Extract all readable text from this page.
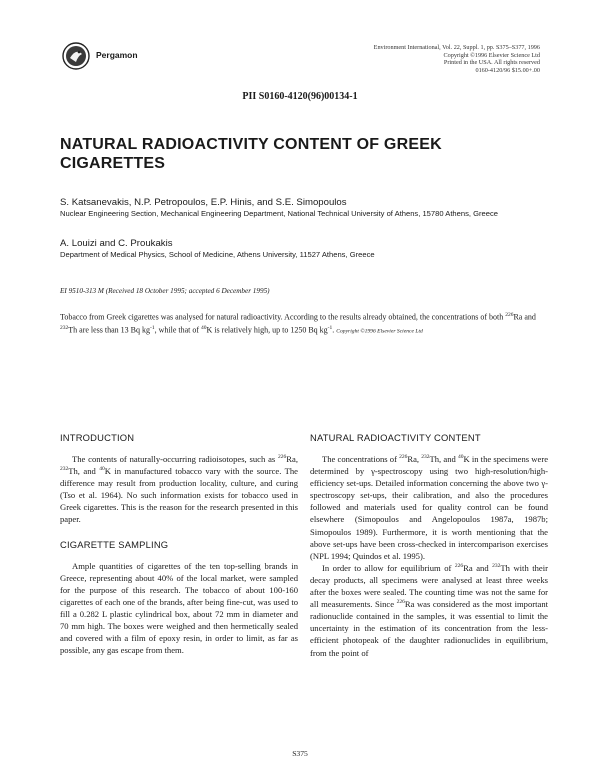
Pergamon
Environment International, Vol. 22, Suppl. 1, pp. S375–S377, 1996
Copyright ©1996 Elsevier Science Ltd
Printed in the USA. All rights reserved
0160-4120/96 $15.00+.00
PII S0160-4120(96)00134-1
NATURAL RADIOACTIVITY CONTENT OF GREEK CIGARETTES
S. Katsanevakis, N.P. Petropoulos, E.P. Hinis, and S.E. Simopoulos
Nuclear Engineering Section, Mechanical Engineering Department, National Technical University of Athens, 15780 Athens, Greece
A. Louizi and C. Proukakis
Department of Medical Physics, School of Medicine, Athens University, 11527 Athens, Greece
EI 9510-313 M (Received 18 October 1995; accepted 6 December 1995)
Tobacco from Greek cigarettes was analysed for natural radioactivity. According to the results already obtained, the concentrations of both $^{226}$Ra and $^{232}$Th are less than 13 Bq $kg^{-1}$, while that of $^{40}$K is relatively high, up to 1250 Bq $kg^{-1}$. Copyright ©1996 Elsevier Science Ltd
INTRODUCTION

The contents of naturally-occurring radioisotopes, such as $^{226}$Ra, $^{232}$Th, and $^{40}$K in manufactured tobacco vary with the source. The difference may result from production locality, culture, and curing (Tso et al. 1964). No such information exists for tobacco used in Greek cigarettes. This is the reason for the research presented in this paper.

CIGARETTE SAMPLING

Ample quantities of cigarettes of the ten top-selling brands in Greece, representing about 40% of the local market, were sampled for the purpose of this research. The tobacco of about 100-160 cigarettes of each one of the brands, after being fine-cut, was used to fill a 0.282 L plastic cylindrical box, about 72 mm in diameter and 70 mm high. The boxes were weighed and then hermetically sealed and covered with a film of epoxy resin, in order to limit, as far as possible, any gas escape from them.

NATURAL RADIOACTIVITY CONTENT

The concentrations of $^{226}$Ra, $^{232}$Th, and $^{40}$K in the specimens were determined by γ-spectroscopy using two high-resolution/high-efficiency set-ups. Detailed information concerning the above two γ-spectroscopy set-ups, their calibration, and also the procedures followed and materials used for quality control can be found elsewhere (Simopoulos and Angelopoulos 1987a, 1987b; Simopoulos 1989). Furthermore, it is worth mentioning that the above set-ups have been cross-checked in intercomparison exercises (NPL 1994; Quindos et al. 1995).

In order to allow for equilibrium of $^{226}$Ra and $^{232}$Th with their decay products, all specimens were analysed at least three weeks after the boxes were sealed. The counting time was not the same for all measurements. Since $^{226}$Ra was considered as the most important radionuclide contained in the samples, it was essential to limit the uncertainty in the estimation of its concentration from the less-efficient photopeak of the daughter radionuclides in equilibrium, from the point of

S375
